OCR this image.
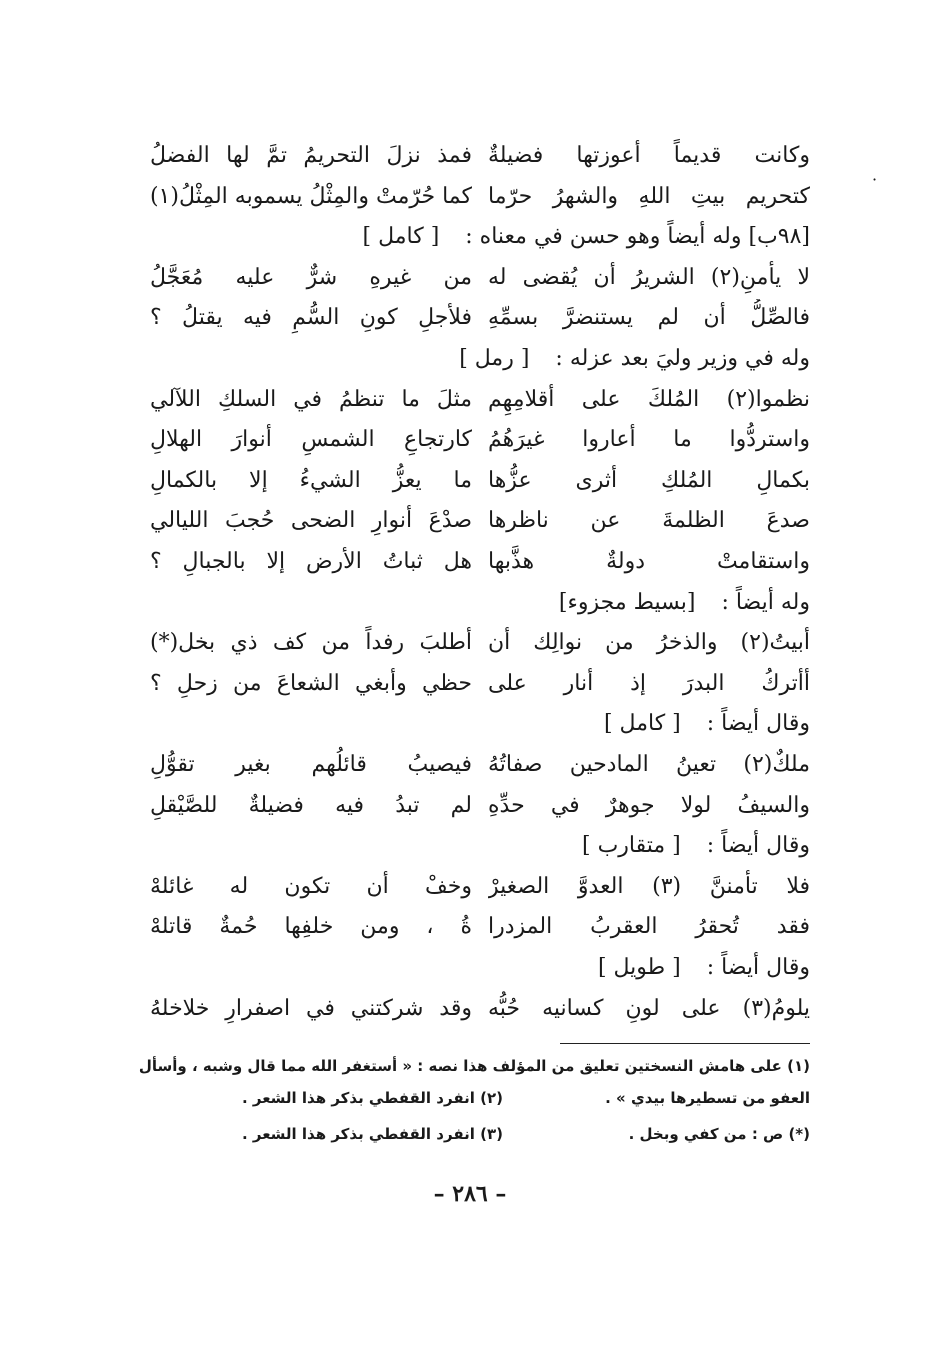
·
وكانت قديماً أعوزتها فضيلةٌ
فمذ نزلَ التحريمُ تمَّ لها الفضلُ
كتحريم بيتِ اللهِ والشهرُ حرّما
كما حُرّمتْ والمِثْلُ يسموبه المِثْلُ(١)
[٩٨ب] وله أيضاً وهو حسن في معناه :[ كامل ]
لا يأمنِ(٢) الشريرُ أن يُقضى له
من غيرهِ شرٌّ عليه مُعَجَّلُ
فالصِّلُّ أن لم يستنضرَّ بسمِّهِ
فلأجلِ كونِ السُّمِ فيه يقتلُ ؟
وله في وزير وليَ بعد عزله :[ رمل ]
نظموا(٢) المُلكَ على أقلامِهِم
مثلَ ما تنظمُ في السلكِ اللآلي
واستردُّوا ما أعاروا غيرَهُمُ
كارتجاعِ الشمسِ أنوارَ الهلالِ
بكمالِ المُلكِ أثرى عزُّها
ما يعزُّ الشيءُ إلا بالكمالِ
صدعَ الظلمةَ عن ناظرها
صدْعَ أنوارِ الضحى حُجبَ الليالي
واستقامتْ دولةٌ هذَّبها
هل ثباتُ الأرض إلا بالجبالِ ؟
وله أيضاً :[بسيط مجزوء]
أبيتُ(٢) والذخرُ من نوالِك أن
أطلبَ رفداً من كف ذي بخل(*)
أأتركُ البدرَ إذ أنار على
حظي وأبغي الشعاعَ من زحلِ ؟
وقال أيضاً :[ كامل ]
ملكٌ(٢) تعينُ المادحين صفاتُهُ
فيصيبُ قائلُهم بغير تقوُّلِ
والسيفُ لولا جوهرٌ في حدِّهِ
لم تبدُ فيه فضيلةٌ للصَّيْقلِ
وقال أيضاً :[ متقارب ]
فلا تأمننَّ (٣) العدوَّ الصغيرْ
وخفْ أن تكون له غائلهْ
فقد تُحقرُ العقربُ المزدرا
ةُ ، ومن خلفِها حُمةٌ قاتلهْ
وقال أيضاً :[ طويل ]
يلومُ(٣) على لونِ كسانيه حُبُّه
وقد شركتني في اصفرارِ خلاخلهُ
(١) على هامش النسختين تعليق من المؤلف هذا نصه : « أستغفر الله مما قال وشبه ، وأسأل
العفو من تسطيرها بيدي » .
(٢) انفرد القفطي بذكر هذا الشعر .
(*) ص : من كفي وبخل .
(٣) انفرد القفطي بذكر هذا الشعر .
– ٢٨٦ –
